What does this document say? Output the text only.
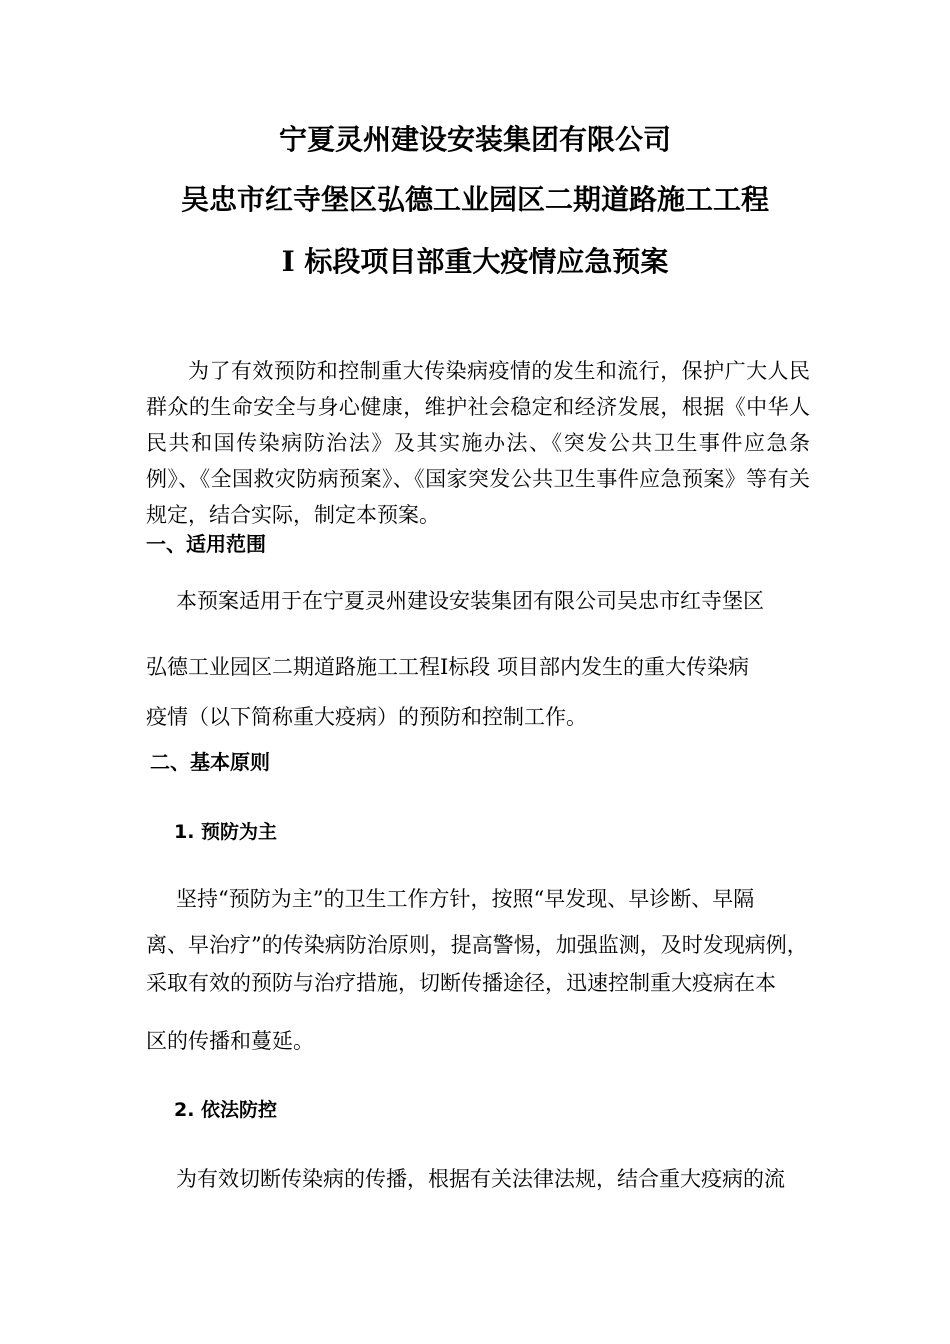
宁夏灵州建设安装集团有限公司
吴忠市红寺堡区弘德工业园区二期道路施工工程
Ⅰ 标段项目部重大疫情应急预案

为了有效预防和控制重大传染病疫情的发生和流行，保护广大人民群众的生命安全与身心健康，维护社会稳定和经济发展，根据《中华人民共和国传染病防治法》及其实施办法、《突发公共卫生事件应急条例》、《全国救灾防病预案》、《国家突发公共卫生事件应急预案》等有关规定，结合实际，制定本预案。

一、适用范围

本预案适用于在宁夏灵州建设安装集团有限公司吴忠市红寺堡区

弘德工业园区二期道路施工工程Ⅰ标段 项目部内发生的重大传染病

疫情（以下简称重大疫病）的预防和控制工作。

二、基本原则
1. 预防为主

坚持“预防为主”的卫生工作方针，按照“早发现、早诊断、早隔

离、早治疗”的传染病防治原则，提高警惕，加强监测，及时发现病例，

采取有效的预防与治疗措施，切断传播途径，迅速控制重大疫病在本

区的传播和蔓延。

2. 依法防控

为有效切断传染病的传播，根据有关法律法规，结合重大疫病的流
